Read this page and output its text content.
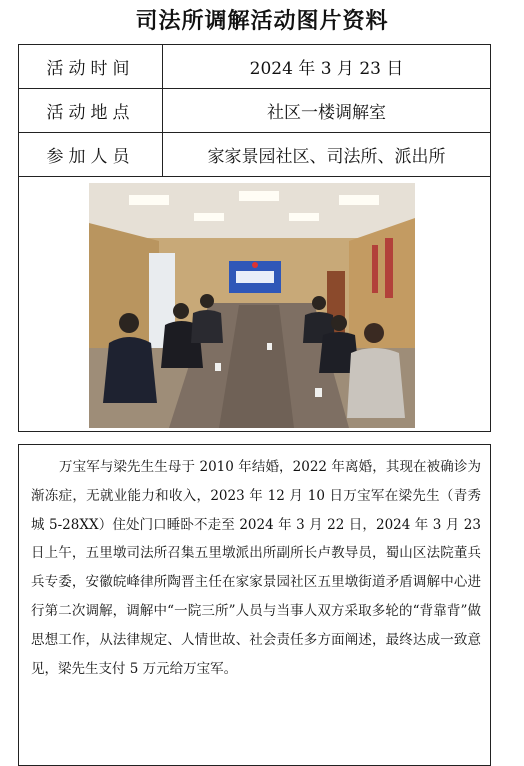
司法所调解活动图片资料
活动时间	2024 年 3 月 23 日
活动地点	社区一楼调解室
参加人员	家家景园社区、司法所、派出所

万宝军与梁先生生母于 2010 年结婚，2022 年离婚，其现在被确诊为渐冻症，无就业能力和收入，2023 年 12 月 10 日万宝军在梁先生（青秀城 5-28XX）住处门口睡卧不走至 2024 年 3 月 22 日，2024 年 3 月 23 日上午，五里墩司法所召集五里墩派出所副所长卢教导员，蜀山区法院董兵兵专委，安徽皖峰律所陶晋主任在家家景园社区五里墩街道矛盾调解中心进行第二次调解，调解中“一院三所”人员与当事人双方采取多轮的“背靠背”做思想工作，从法律规定、人情世故、社会责任多方面阐述，最终达成一致意见，梁先生支付 5 万元给万宝军。
